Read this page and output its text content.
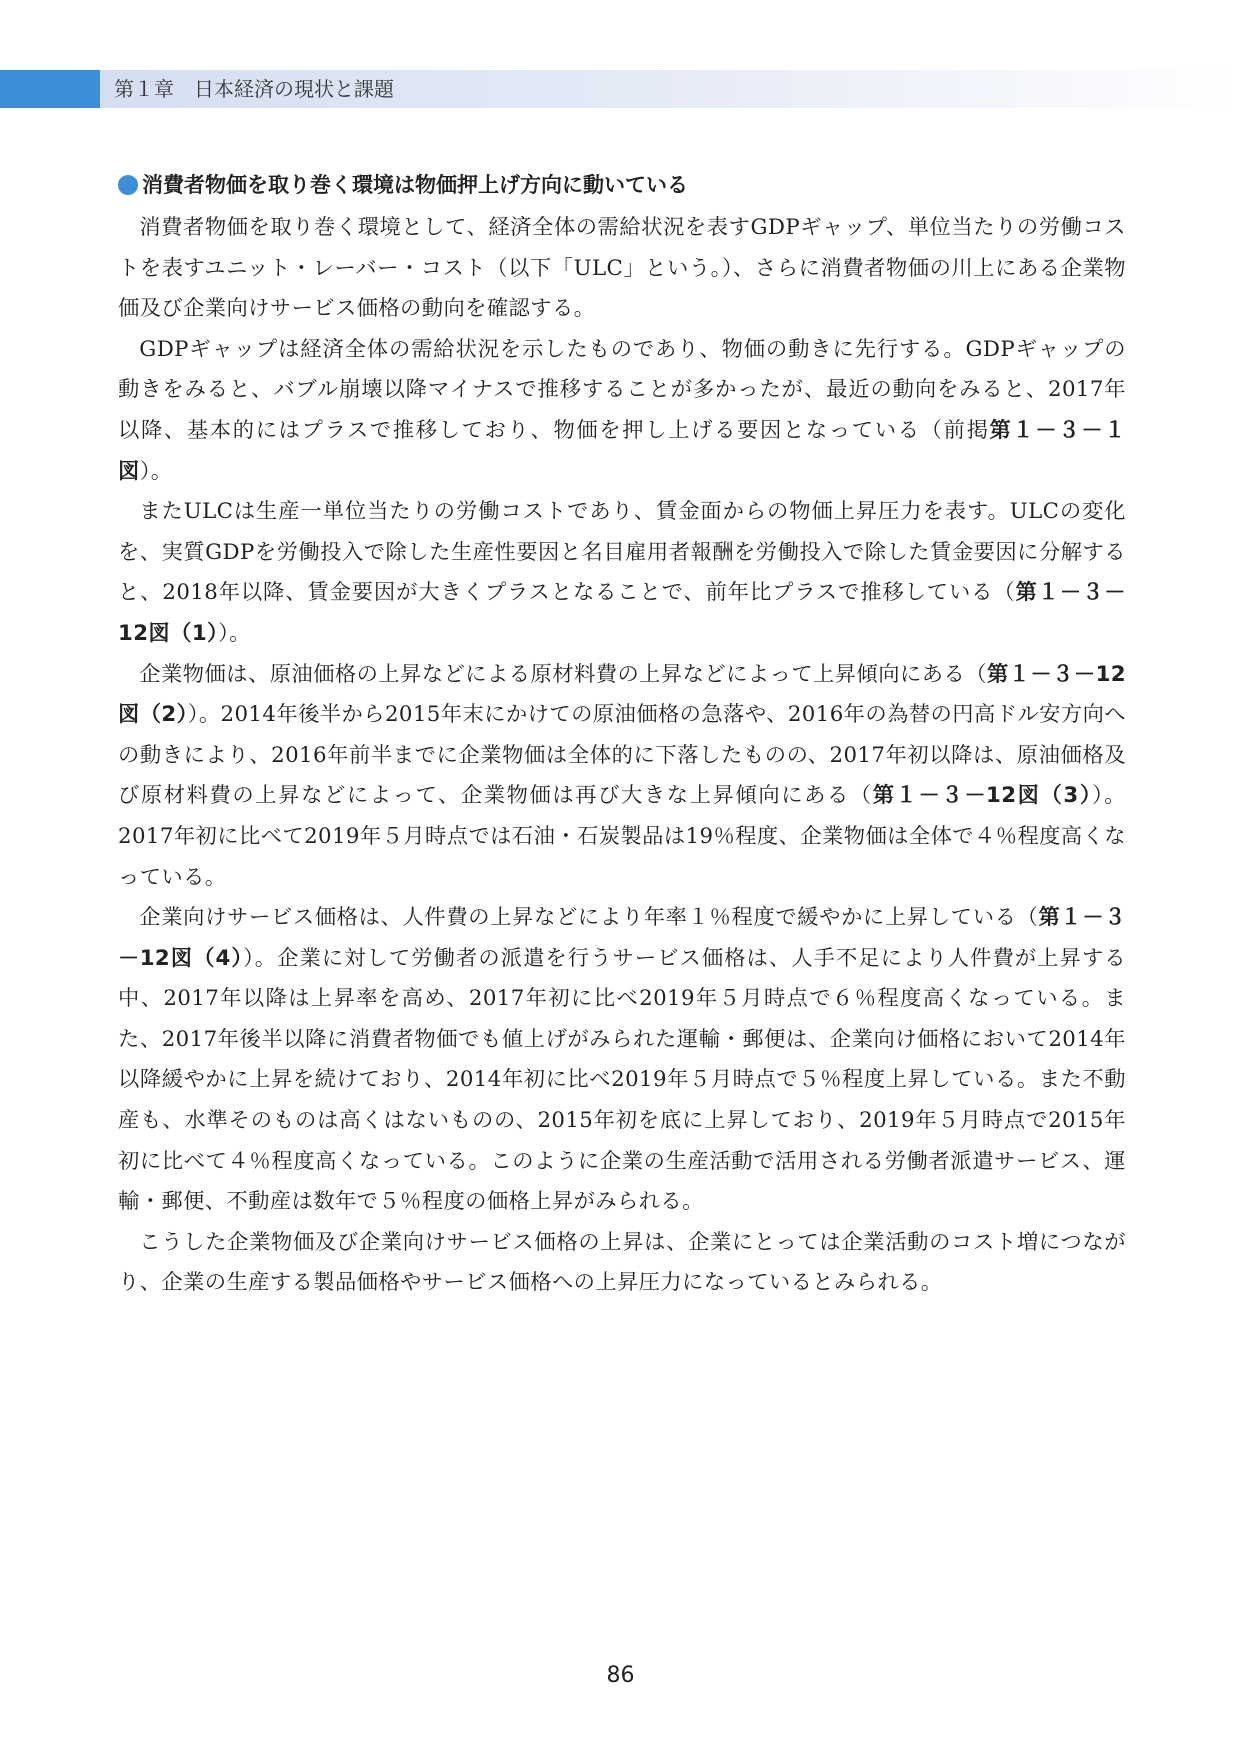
第１章　日本経済の現状と課題
消費者物価を取り巻く環境は物価押上げ方向に動いている

消費者物価を取り巻く環境として、経済全体の需給状況を表すGDPギャップ、単位当たりの労働コストを表すユニット・レーバー・コスト（以下「ULC」という。）、さらに消費者物価の川上にある企業物価及び企業向けサービス価格の動向を確認する。

GDPギャップは経済全体の需給状況を示したものであり、物価の動きに先行する。GDPギャップの動きをみると、バブル崩壊以降マイナスで推移することが多かったが、最近の動向をみると、2017年以降、基本的にはプラスで推移しており、物価を押し上げる要因となっている（前掲第１－３－１図）。

またULCは生産一単位当たりの労働コストであり、賃金面からの物価上昇圧力を表す。ULCの変化を、実質GDPを労働投入で除した生産性要因と名目雇用者報酬を労働投入で除した賃金要因に分解すると、2018年以降、賃金要因が大きくプラスとなることで、前年比プラスで推移している（第１－３－12図（1））。

企業物価は、原油価格の上昇などによる原材料費の上昇などによって上昇傾向にある（第１－３－12図（2））。2014年後半から2015年末にかけての原油価格の急落や、2016年の為替の円高ドル安方向への動きにより、2016年前半までに企業物価は全体的に下落したものの、2017年初以降は、原油価格及び原材料費の上昇などによって、企業物価は再び大きな上昇傾向にある（第１－３－12図（3））。2017年初に比べて2019年５月時点では石油・石炭製品は19％程度、企業物価は全体で４％程度高くなっている。

企業向けサービス価格は、人件費の上昇などにより年率１％程度で緩やかに上昇している（第１－３－12図（4））。企業に対して労働者の派遣を行うサービス価格は、人手不足により人件費が上昇する中、2017年以降は上昇率を高め、2017年初に比べ2019年５月時点で６％程度高くなっている。また、2017年後半以降に消費者物価でも値上げがみられた運輸・郵便は、企業向け価格において2014年以降緩やかに上昇を続けており、2014年初に比べ2019年５月時点で５％程度上昇している。また不動産も、水準そのものは高くはないものの、2015年初を底に上昇しており、2019年５月時点で2015年初に比べて４％程度高くなっている。このように企業の生産活動で活用される労働者派遣サービス、運輸・郵便、不動産は数年で５％程度の価格上昇がみられる。

こうした企業物価及び企業向けサービス価格の上昇は、企業にとっては企業活動のコスト増につながり、企業の生産する製品価格やサービス価格への上昇圧力になっているとみられる。

86
